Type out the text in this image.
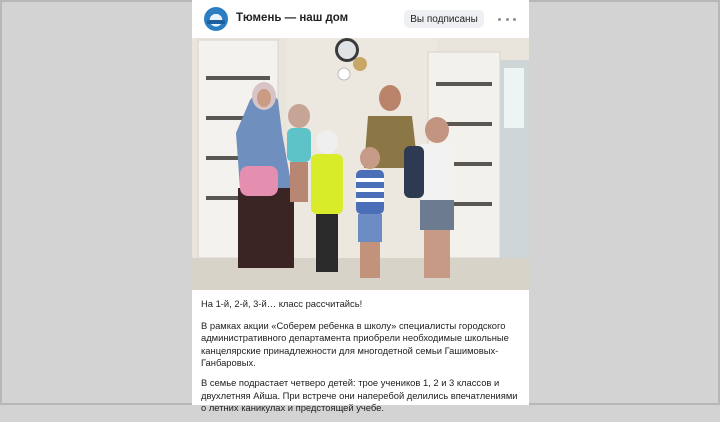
Тюмень — наш дом	Вы подписаны

На 1-й, 2-й, 3-й… класс рассчитайсь!

В рамках акции «Соберем ребенка в школу» специалисты городского административного департамента приобрели необходимые школьные канцелярские принадлежности для многодетной семьи Гашимовых-Ганбаровых.

В семье подрастает четверо детей: трое учеников 1, 2 и 3 классов и двухлетняя Айша. При встрече они наперебой делились впечатлениями о летних каникулах и предстоящей учебе.
